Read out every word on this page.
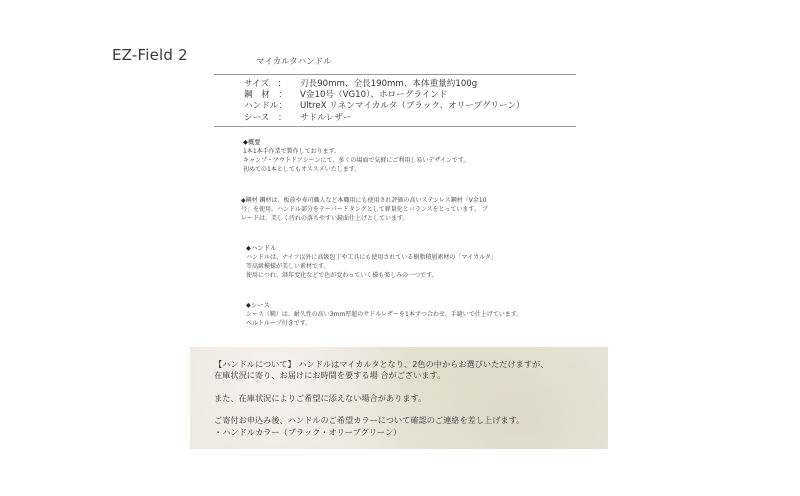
EZ-Field 2	マイカルタハンドル
サイズ　：	刃長90mm、全長190mm、本体重量約100g
鋼　材　：	V金10号（VG10）、ホローグラインド
ハンドル：	UltreX リネンマイカルタ（ブラック、オリーブグリーン）
シース　：	サドルレザー
◆概要
1本1本手作業で製作しております。
キャンプ・アウトドアシーンにて、多くの場面で気軽にご利用し易いデザインです。
初めての1本としてもオススメいたします。
◆鋼材 鋼材は、板前や寿司職人など本職用にも使用され評価の高いステンレス鋼材「V金10
号」を使用。ハンドル部分をテーパードタングとして軽量化とバランスをとっています。 ブ
レードは、美しく汚れの落ちやすい鏡面仕上げとしています。
◆ハンドル
ハンドルは、ナイフ以外に高級包丁や工具にも使用されている樹脂積層素材の「マイカルタ」
等高級模様が美しい素材です。
使用につれ、経年変化などで色が変わっていく様も楽しみの一つです。
◆シース
シース（鞘）は、耐久性の高い3mm厚超のサドルレザーを1本ずつ合わせ、手縫いで仕上げています。
ベルトループ付きです。
【ハンドルについて】 ハンドルはマイカルタとなり、2色の中からお選びいただけますが、
在庫状況に寄り、お届けにお時間を要する場 合がございます。
また、在庫状況によりご希望に添えない場合があります。
ご寄付お申込み後、ハンドルのご希望カラーについて確認のご連絡を差し上げます。
・ハンドルカラー（ブラック・オリーブグリーン）
